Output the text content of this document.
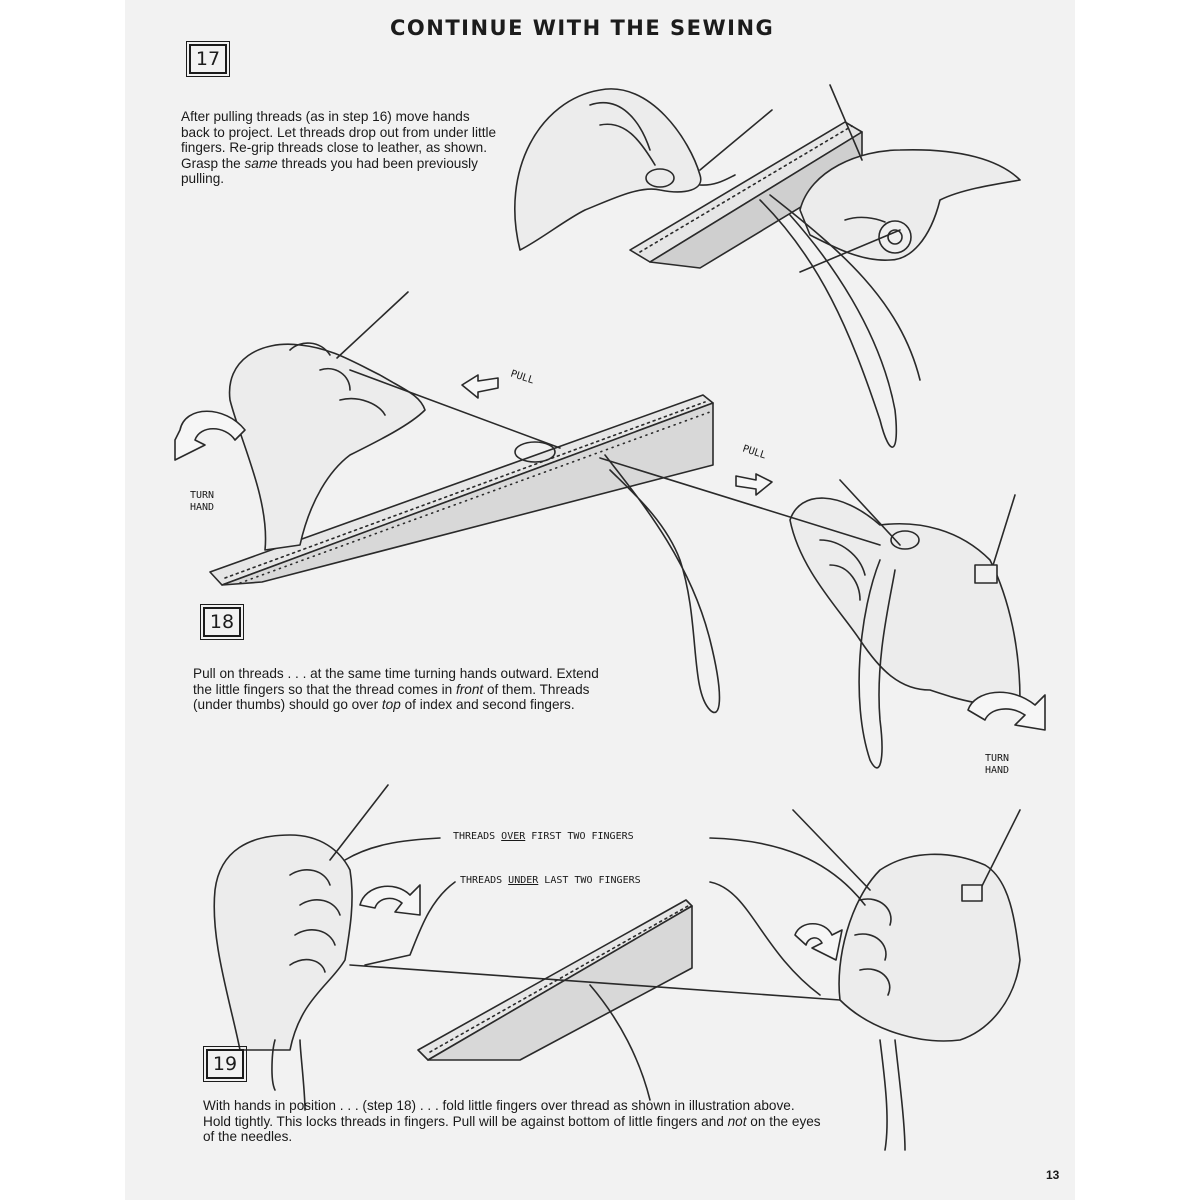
CONTINUE WITH THE SEWING
17
After pulling threads (as in step 16) move hands back to project. Let threads drop out from under little fingers. Re-grip threads close to leather, as shown. Grasp the same threads you had been previously pulling.
18
Pull on threads . . . at the same time turning hands outward. Extend the little fingers so that the thread comes in front of them. Threads (under thumbs) should go over top of index and second fingers.
19
With hands in position . . . (step 18) . . . fold little fingers over thread as shown in illustration above. Hold tightly. This locks threads in fingers. Pull will be against bottom of little fingers and not on the eyes of the needles.
PULL
PULL
TURN
HAND
TURN
HAND
THREADS OVER FIRST TWO FINGERS
THREADS UNDER LAST TWO FINGERS
13
